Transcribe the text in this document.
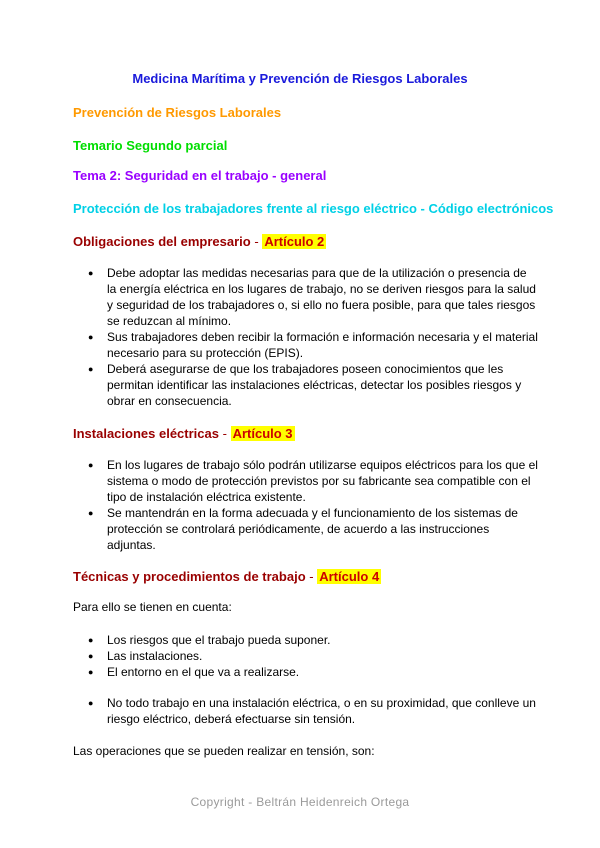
Medicina Marítima y Prevención de Riesgos Laborales
Prevención de Riesgos Laborales
Temario Segundo parcial
Tema 2: Seguridad en el trabajo - general
Protección de los trabajadores frente al riesgo eléctrico - Código electrónicos
Obligaciones del empresario - Artículo 2
● Debe adoptar las medidas necesarias para que de la utilización o presencia de la energía eléctrica en los lugares de trabajo, no se deriven riesgos para la salud y seguridad de los trabajadores o, si ello no fuera posible, para que tales riesgos se reduzcan al mínimo.
● Sus trabajadores deben recibir la formación e información necesaria y el material necesario para su protección (EPIS).
● Deberá asegurarse de que los trabajadores poseen conocimientos que les permitan identificar las instalaciones eléctricas, detectar los posibles riesgos y obrar en consecuencia.
Instalaciones eléctricas - Artículo 3
● En los lugares de trabajo sólo podrán utilizarse equipos eléctricos para los que el sistema o modo de protección previstos por su fabricante sea compatible con el tipo de instalación eléctrica existente.
● Se mantendrán en la forma adecuada y el funcionamiento de los sistemas de protección se controlará periódicamente, de acuerdo a las instrucciones adjuntas.
Técnicas y procedimientos de trabajo - Artículo 4

Para ello se tienen en cuenta:

● Los riesgos que el trabajo pueda suponer.
● Las instalaciones.
● El entorno en el que va a realizarse.
● No todo trabajo en una instalación eléctrica, o en su proximidad, que conlleve un riesgo eléctrico, deberá efectuarse sin tensión.

Las operaciones que se pueden realizar en tensión, son:

Copyright - Beltrán Heidenreich Ortega
